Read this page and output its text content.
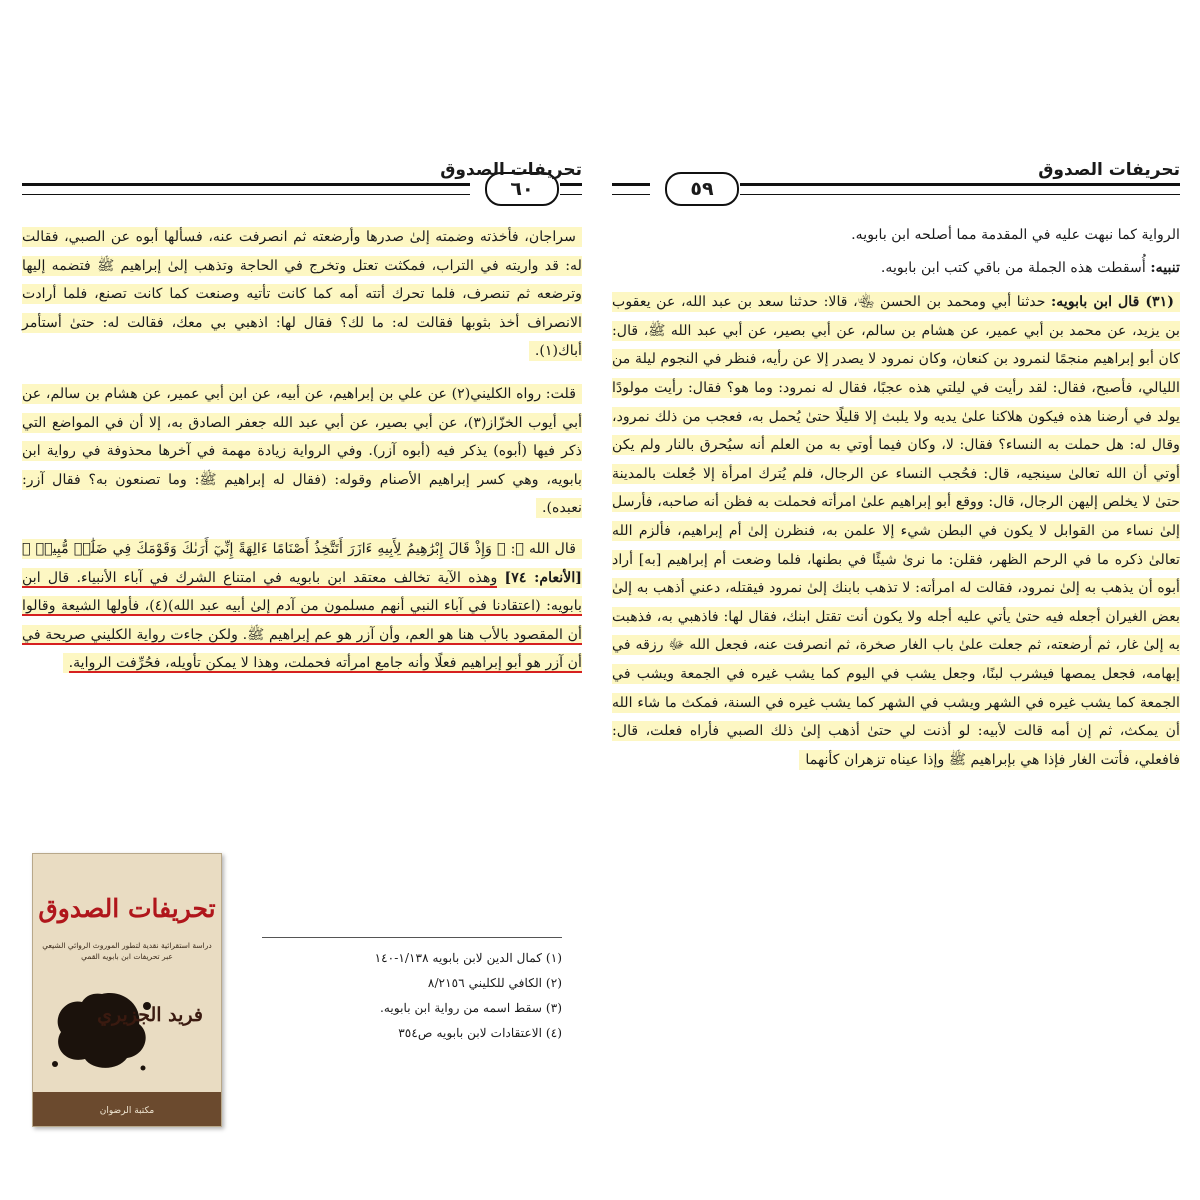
٦٠
تحريفات الصدوق

سراجان، فأخذته وضمته إلىٰ صدرها وأرضعته ثم انصرفت عنه، فسألها أبوه عن الصبي، فقالت له: قد واريته في التراب، فمكثت تعتل وتخرج في الحاجة وتذهب إلىٰ إبراهيم ﷺ فتضمه إليها وترضعه ثم تنصرف، فلما تحرك أتته أمه كما كانت تأتيه وصنعت كما كانت تصنع، فلما أرادت الانصراف أخذ بثوبها فقالت له: ما لك؟ فقال لها: اذهبي بي معك، فقالت له: حتىٰ أستأمر أباك(١).

قلت: رواه الكليني(٢) عن علي بن إبراهيم، عن أبيه، عن ابن أبي عمير، عن هشام بن سالم، عن أبي أيوب الخزّاز(٣)، عن أبي بصير، عن أبي عبد الله جعفر الصادق به، إلا أن في المواضع التي ذكر فيها (أبوه) يذكر فيه (أبوه آزر). وفي الرواية زيادة مهمة في آخرها محذوفة في رواية ابن بابويه، وهي كسر إبراهيم الأصنام وقوله: (فقال له إبراهيم ﷺ: وما تصنعون به؟ فقال آزر: نعبده).

قال الله ﷻ: ﴿ وَإِذْ قَالَ إِبْرَٰهِيمُ لِأَبِيهِ ءَازَرَ أَتَتَّخِذُ أَصْنَامًا ءَالِهَةً إِنِّيٓ أَرَىٰكَ وَقَوْمَكَ فِي ضَلَٰلٖ مُّبِينٖ ﴾ [الأنعام: ٧٤] وهذه الآية تخالف معتقد ابن بابويه في امتناع الشرك في آباء الأنبياء. قال ابن بابويه: (اعتقادنا في آباء النبي أنهم مسلمون من آدم إلىٰ أبيه عبد الله)(٤)، فأولها الشيعة وقالوا أن المقصود بالأب هنا هو العم، وأن آزر هو عم إبراهيم ﷺ. ولكن جاءت رواية الكليني صريحة في أن آزر هو أبو إبراهيم فعلًا وأنه جامع امرأته فحملت، وهذا لا يمكن تأويله، فحُرِّفت الرواية.

تحريفات الصدوق
دراسة استقرائية نقدية لتطور الموروث الروائي الشيعي عبر تحريفات ابن بابويه القمي
فريد الجزيري
مكتبة الرضوان

(١) كمال الدين لابن بابويه ١/١٣٨-١٤٠

(٢) الكافي للكليني ٨/٢١٥٦

(٣) سقط اسمه من رواية ابن بابويه.

(٤) الاعتقادات لابن بابويه ص٣٥٤

٥٩
تحريفات الصدوق

الرواية كما نبهت عليه في المقدمة مما أصلحه ابن بابويه.

تنبيه: أُسقطت هذه الجملة من باقي كتب ابن بابويه.

(٣١) قال ابن بابويه: حدثنا أبي ومحمد بن الحسن ﵄، قالا: حدثنا سعد بن عبد الله، عن يعقوب بن يزيد، عن محمد بن أبي عمير، عن هشام بن سالم، عن أبي بصير، عن أبي عبد الله ﷺ، قال: كان أبو إبراهيم منجمًا لنمرود بن كنعان، وكان نمرود لا يصدر إلا عن رأيه، فنظر في النجوم ليلة من الليالي، فأصبح، فقال: لقد رأيت في ليلتي هذه عجبًا، فقال له نمرود: وما هو؟ فقال: رأيت مولودًا يولد في أرضنا هذه فيكون هلاكنا علىٰ يديه ولا يلبث إلا قليلًا حتىٰ يُحمل به، فعجب من ذلك نمرود، وقال له: هل حملت به النساء؟ فقال: لا، وكان فيما أوتي به من العلم أنه سيُحرق بالنار ولم يكن أوتي أن الله تعالىٰ سينجيه، قال: فحُجب النساء عن الرجال، فلم يُترك امرأة إلا جُعلت بالمدينة حتىٰ لا يخلص إليهن الرجال، قال: ووقع أبو إبراهيم علىٰ امرأته فحملت به فظن أنه صاحبه، فأرسل إلىٰ نساء من القوابل لا يكون في البطن شيء إلا علمن به، فنظرن إلىٰ أم إبراهيم، فألزم الله تعالىٰ ذكره ما في الرحم الظهر، فقلن: ما نرىٰ شيئًا في بطنها، فلما وضعت أم إبراهيم [به] أراد أبوه أن يذهب به إلىٰ نمرود، فقالت له امرأته: لا تذهب بابنك إلىٰ نمرود فيقتله، دعني أذهب به إلىٰ بعض الغيران أجعله فيه حتىٰ يأتي عليه أجله ولا يكون أنت تقتل ابنك، فقال لها: فاذهبي به، فذهبت به إلىٰ غار، ثم أرضعته، ثم جعلت علىٰ باب الغار صخرة، ثم انصرفت عنه، فجعل الله ﷻ رزقه في إبهامه، فجعل يمصها فيشرب لبنًا، وجعل يشب في اليوم كما يشب غيره في الجمعة ويشب في الجمعة كما يشب غيره في الشهر ويشب في الشهر كما يشب غيره في السنة، فمكث ما شاء الله أن يمكث، ثم إن أمه قالت لأبيه: لو أذنت لي حتىٰ أذهب إلىٰ ذلك الصبي فأراه فعلت، قال: فافعلي، فأتت الغار فإذا هي بإبراهيم ﷺ وإذا عيناه تزهران كأنهما
